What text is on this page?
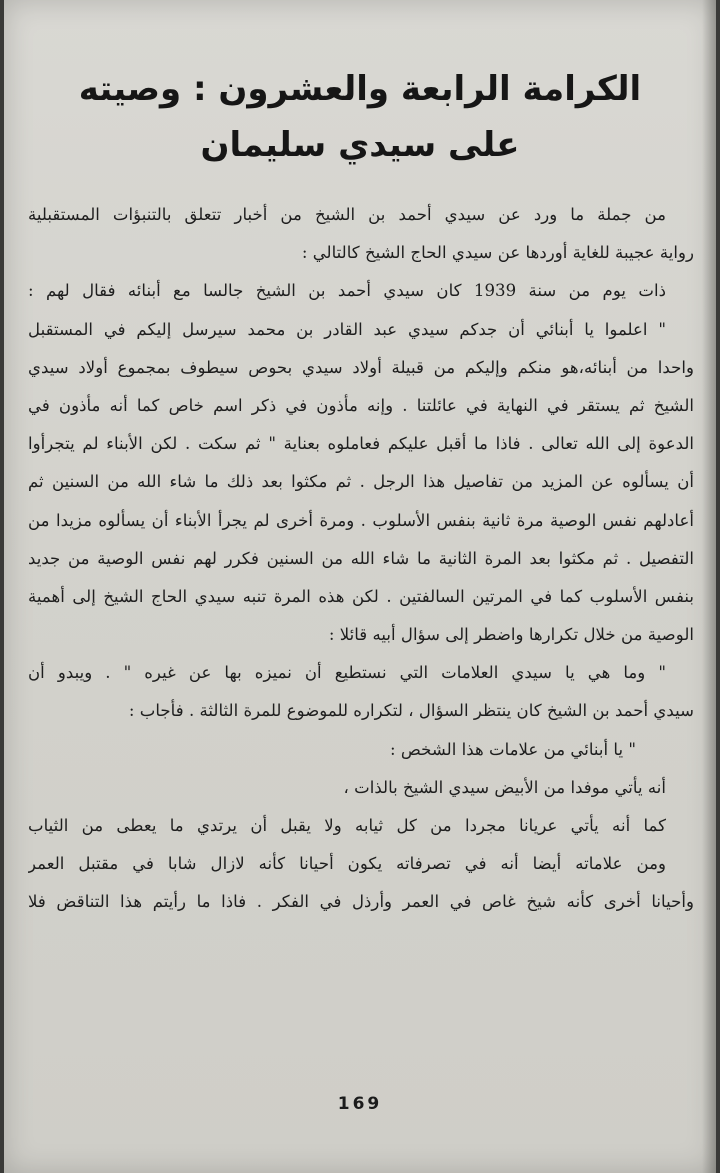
الكرامة الرابعة والعشرون : وصيته على سيدي سليمان
من جملة ما ورد عن سيدي أحمد بن الشيخ من أخبار تتعلق بالتنبؤات المستقبلية
رواية عجيبة للغاية أوردها عن سيدي الحاج الشيخ كالتالي :
ذات يوم من سنة 1939 كان سيدي أحمد بن الشيخ جالسا مع أبنائه فقال لهم :
" اعلموا يا أبنائي أن جدكم سيدي عبد القادر بن محمد سيرسل إليكم في المستقبل
واحدا من أبنائه،هو منكم وإليكم من قبيلة أولاد سيدي بحوص سيطوف بمجموع أولاد سيدي
الشيخ ثم يستقر في النهاية في عائلتنا . وإنه مأذون في ذكر اسم خاص كما أنه مأذون في
الدعوة إلى الله تعالى . فاذا ما أقبل عليكم فعاملوه بعناية " ثم سكت . لكن الأبناء لم يتجرأوا
أن يسألوه عن المزيد من تفاصيل هذا الرجل . ثم مكثوا بعد ذلك ما شاء الله من السنين ثم
أعادلهم نفس الوصية مرة ثانية بنفس الأسلوب . ومرة أخرى لم يجرأ الأبناء أن يسألوه مزيدا من
التفصيل . ثم مكثوا بعد المرة الثانية ما شاء الله من السنين فكرر لهم نفس الوصية من جديد
بنفس الأسلوب كما في المرتين السالفتين . لكن هذه المرة تنبه سيدي الحاج الشيخ إلى أهمية
الوصية من خلال تكرارها واضطر إلى سؤال أبيه قائلا :
" وما هي يا سيدي العلامات التي نستطيع أن نميزه بها عن غيره " . ويبدو أن
سيدي أحمد بن الشيخ كان ينتظر السؤال ، لتكراره للموضوع للمرة الثالثة . فأجاب :
" يا أبنائي من علامات هذا الشخص :
أنه يأتي موفدا من الأبيض سيدي الشيخ بالذات ،
كما أنه يأتي عريانا مجردا من كل ثيابه ولا يقبل أن يرتدي ما يعطى من الثياب
ومن علاماته أيضا أنه في تصرفاته يكون أحيانا كأنه لازال شابا في مقتبل العمر
وأحيانا أخرى كأنه شيخ غاص في العمر وأرذل في الفكر . فاذا ما رأيتم هذا التناقض فلا
169
